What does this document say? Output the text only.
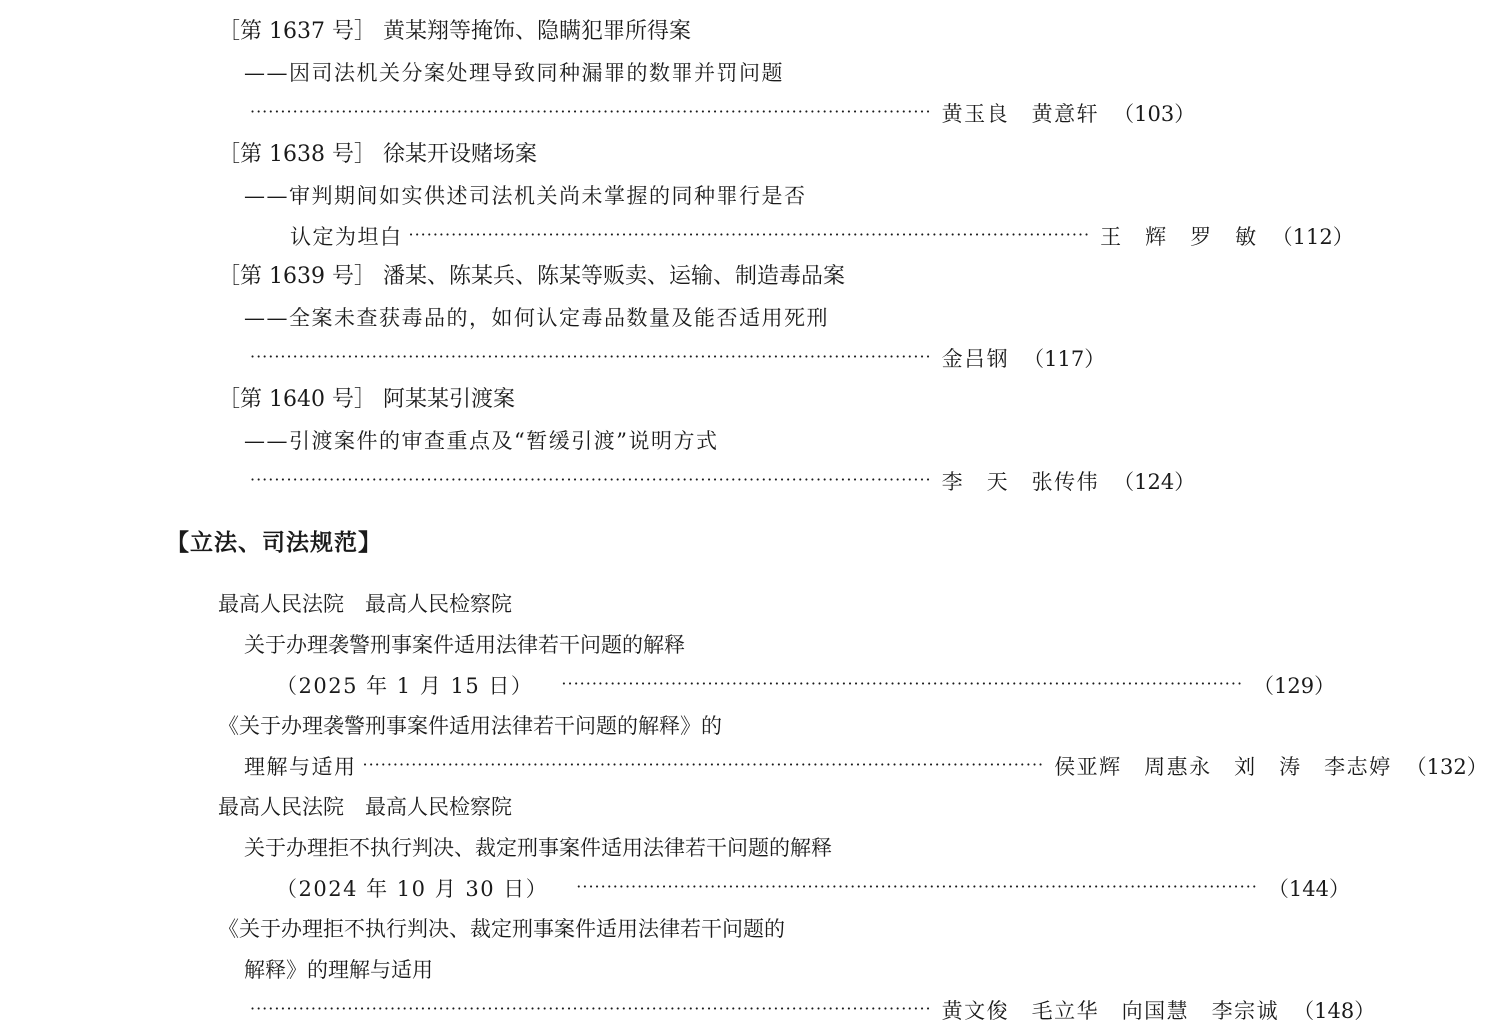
［第 1637 号］ 黄某翔等掩饰、隐瞒犯罪所得案
——因司法机关分案处理导致同种漏罪的数罪并罚问题
················································································································ 黄玉良　黄意轩 （103）
［第 1638 号］ 徐某开设赌场案
——审判期间如实供述司法机关尚未掌握的同种罪行是否
认定为坦白 ················································································································ 王　辉　罗　敏 （112）
［第 1639 号］ 潘某、陈某兵、陈某等贩卖、运输、制造毒品案
——全案未查获毒品的，如何认定毒品数量及能否适用死刑
················································································································ 金吕钢 （117）
［第 1640 号］ 阿某某引渡案
——引渡案件的审查重点及“暂缓引渡”说明方式
················································································································ 李　天　张传伟 （124）
【立法、司法规范】
最高人民法院　最高人民检察院
关于办理袭警刑事案件适用法律若干问题的解释
（2025 年 1 月 15 日） ················································································································ （129）
《关于办理袭警刑事案件适用法律若干问题的解释》的
理解与适用 ················································································································ 侯亚辉　周惠永　刘　涛　李志婷 （132）
最高人民法院　最高人民检察院
关于办理拒不执行判决、裁定刑事案件适用法律若干问题的解释
（2024 年 10 月 30 日） ················································································································ （144）
《关于办理拒不执行判决、裁定刑事案件适用法律若干问题的
解释》的理解与适用
················································································································ 黄文俊　毛立华　向国慧　李宗诚 （148）
